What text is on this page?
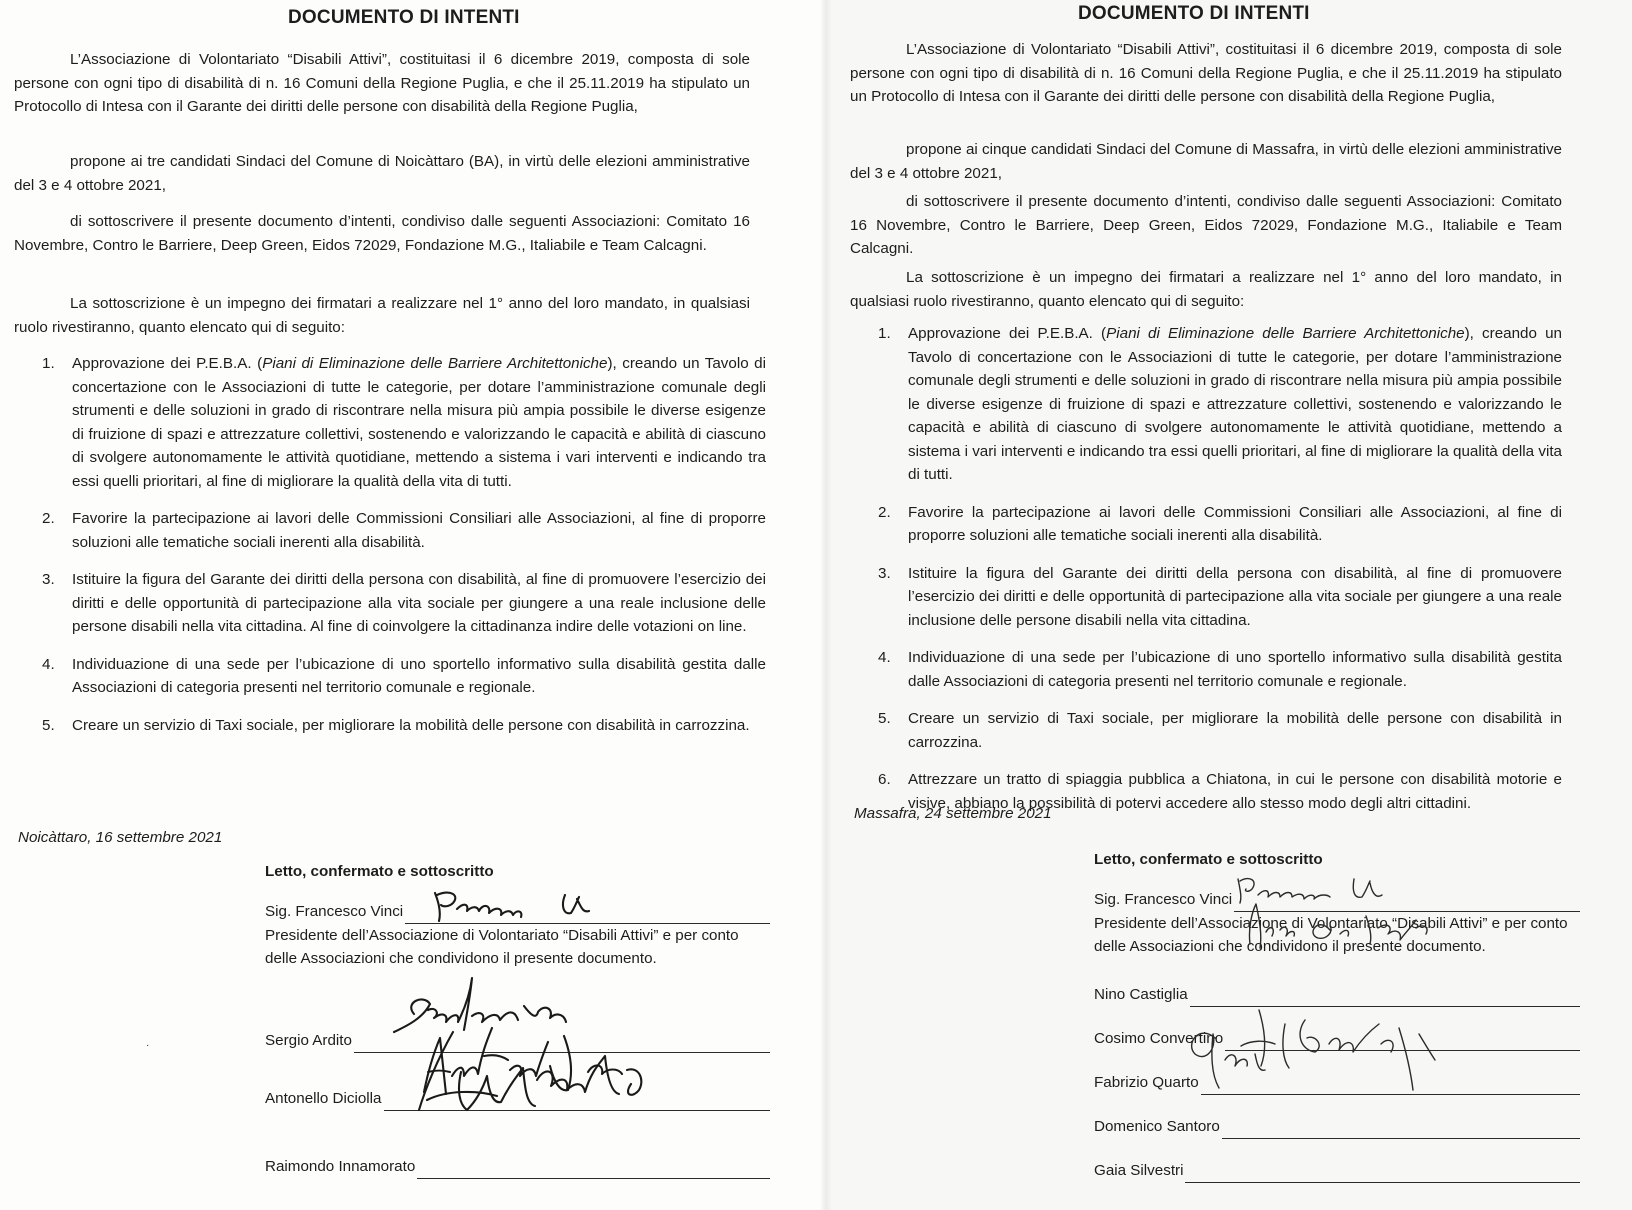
DOCUMENTO DI INTENTI
L’Associazione di Volontariato “Disabili Attivi”, costituitasi il 6 dicembre 2019, composta di sole persone con ogni tipo di disabilità di n. 16 Comuni della Regione Puglia, e che il 25.11.2019 ha stipulato un Protocollo di Intesa con il Garante dei diritti delle persone con disabilità della Regione Puglia,
propone ai tre candidati Sindaci del Comune di Noicàttaro (BA), in virtù delle elezioni amministrative del 3 e 4 ottobre 2021,
di sottoscrivere il presente documento d’intenti, condiviso dalle seguenti Associazioni: Comitato 16 Novembre, Contro le Barriere, Deep Green, Eidos 72029, Fondazione M.G., Italiabile e Team Calcagni.
La sottoscrizione è un impegno dei firmatari a realizzare nel 1° anno del loro mandato, in qualsiasi ruolo rivestiranno, quanto elencato qui di seguito:
1. Approvazione dei P.E.B.A. (Piani di Eliminazione delle Barriere Architettoniche), creando un Tavolo di concertazione con le Associazioni di tutte le categorie, per dotare l’amministrazione comunale degli strumenti e delle soluzioni in grado di riscontrare nella misura più ampia possibile le diverse esigenze di fruizione di spazi e attrezzature collettivi, sostenendo e valorizzando le capacità e abilità di ciascuno di svolgere autonomamente le attività quotidiane, mettendo a sistema i vari interventi e indicando tra essi quelli prioritari, al fine di migliorare la qualità della vita di tutti.
2. Favorire la partecipazione ai lavori delle Commissioni Consiliari alle Associazioni, al fine di proporre soluzioni alle tematiche sociali inerenti alla disabilità.
3. Istituire la figura del Garante dei diritti della persona con disabilità, al fine di promuovere l’esercizio dei diritti e delle opportunità di partecipazione alla vita sociale per giungere a una reale inclusione delle persone disabili nella vita cittadina. Al fine di coinvolgere la cittadinanza indire delle votazioni on line.
4. Individuazione di una sede per l’ubicazione di uno sportello informativo sulla disabilità gestita dalle Associazioni di categoria presenti nel territorio comunale e regionale.
5. Creare un servizio di Taxi sociale, per migliorare la mobilità delle persone con disabilità in carrozzina.
Noicàttaro, 16 settembre 2021
Letto, confermato e sottoscritto
Sig. Francesco Vinci
Presidente dell’Associazione di Volontariato “Disabili Attivi” e per conto delle Associazioni che condividono il presente documento.
Sergio Ardito
Antonello Diciolla
Raimondo Innamorato
·
DOCUMENTO DI INTENTI
L’Associazione di Volontariato “Disabili Attivi”, costituitasi il 6 dicembre 2019, composta di sole persone con ogni tipo di disabilità di n. 16 Comuni della Regione Puglia, e che il 25.11.2019 ha stipulato un Protocollo di Intesa con il Garante dei diritti delle persone con disabilità della Regione Puglia,
propone ai cinque candidati Sindaci del Comune di Massafra, in virtù delle elezioni amministrative del 3 e 4 ottobre 2021,
di sottoscrivere il presente documento d’intenti, condiviso dalle seguenti Associazioni: Comitato 16 Novembre, Contro le Barriere, Deep Green, Eidos 72029, Fondazione M.G., Italiabile e Team Calcagni.
La sottoscrizione è un impegno dei firmatari a realizzare nel 1° anno del loro mandato, in qualsiasi ruolo rivestiranno, quanto elencato qui di seguito:
1. Approvazione dei P.E.B.A. (Piani di Eliminazione delle Barriere Architettoniche), creando un Tavolo di concertazione con le Associazioni di tutte le categorie, per dotare l’amministrazione comunale degli strumenti e delle soluzioni in grado di riscontrare nella misura più ampia possibile le diverse esigenze di fruizione di spazi e attrezzature collettivi, sostenendo e valorizzando le capacità e abilità di ciascuno di svolgere autonomamente le attività quotidiane, mettendo a sistema i vari interventi e indicando tra essi quelli prioritari, al fine di migliorare la qualità della vita di tutti.
2. Favorire la partecipazione ai lavori delle Commissioni Consiliari alle Associazioni, al fine di proporre soluzioni alle tematiche sociali inerenti alla disabilità.
3. Istituire la figura del Garante dei diritti della persona con disabilità, al fine di promuovere l’esercizio dei diritti e delle opportunità di partecipazione alla vita sociale per giungere a una reale inclusione delle persone disabili nella vita cittadina.
4. Individuazione di una sede per l’ubicazione di uno sportello informativo sulla disabilità gestita dalle Associazioni di categoria presenti nel territorio comunale e regionale.
5. Creare un servizio di Taxi sociale, per migliorare la mobilità delle persone con disabilità in carrozzina.
6. Attrezzare un tratto di spiaggia pubblica a Chiatona, in cui le persone con disabilità motorie e visive, abbiano la possibilità di potervi accedere allo stesso modo degli altri cittadini.
Massafra, 24 settembre 2021
Letto, confermato e sottoscritto
Sig. Francesco Vinci
Presidente dell’Associazione di Volontariato “Disabili Attivi” e per conto delle Associazioni che condividono il presente documento.
Nino Castiglia
Cosimo Convertino
Fabrizio Quarto
Domenico Santoro
Gaia Silvestri
